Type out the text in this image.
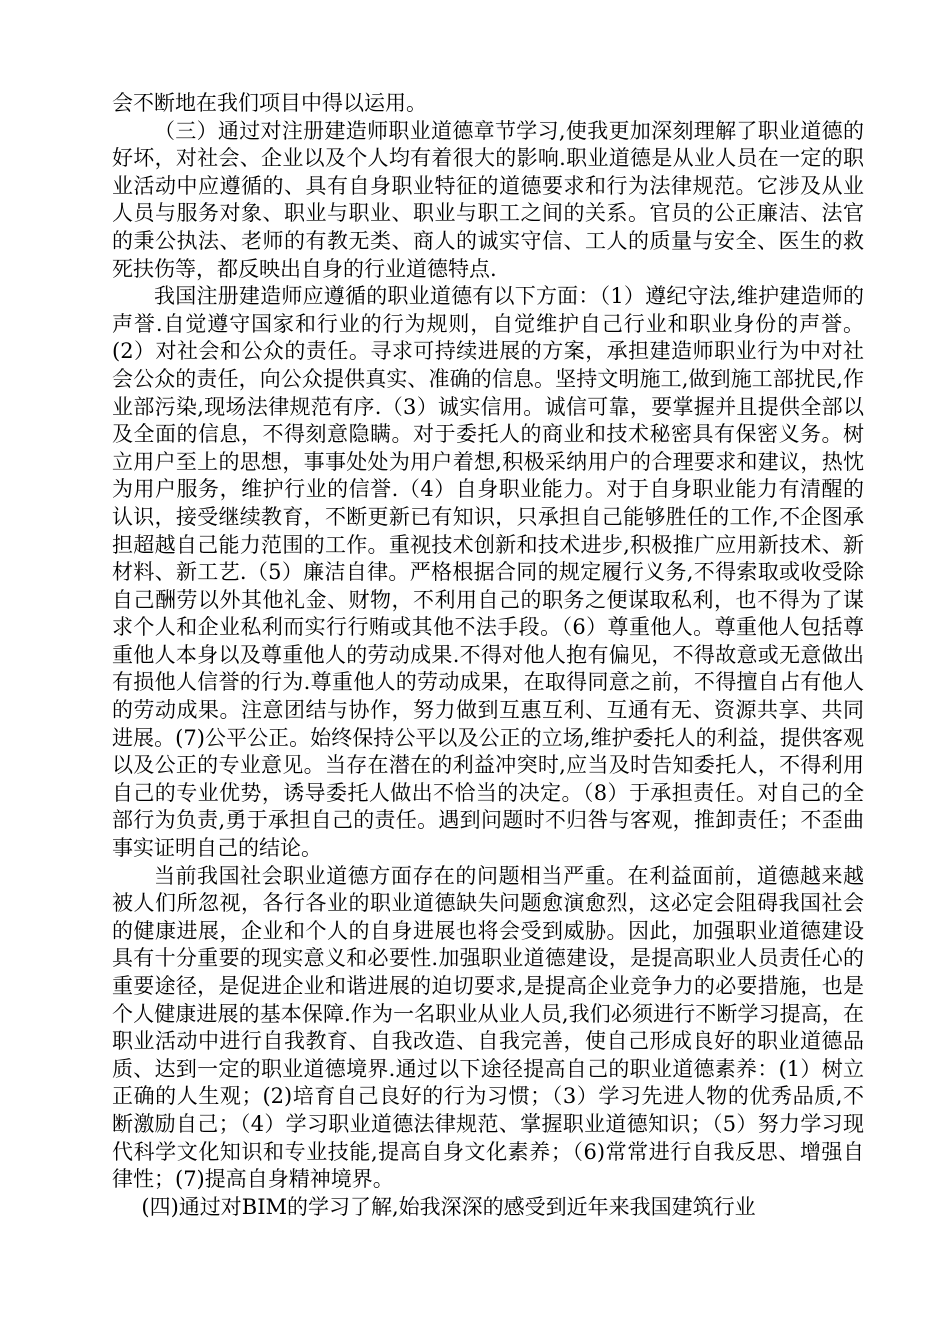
会不断地在我们项目中得以运用。

（三）通过对注册建造师职业道德章节学习,使我更加深刻理解了职业道德的好坏，对社会、企业以及个人均有着很大的影响.职业道德是从业人员在一定的职业活动中应遵循的、具有自身职业特征的道德要求和行为法律规范。它涉及从业人员与服务对象、职业与职业、职业与职工之间的关系。官员的公正廉洁、法官的秉公执法、老师的有教无类、商人的诚实守信、工人的质量与安全、医生的救死扶伤等，都反映出自身的行业道德特点.

我国注册建造师应遵循的职业道德有以下方面：（1）遵纪守法,维护建造师的声誉.自觉遵守国家和行业的行为规则，自觉维护自己行业和职业身份的声誉。(2）对社会和公众的责任。寻求可持续进展的方案，承担建造师职业行为中对社会公众的责任，向公众提供真实、准确的信息。坚持文明施工,做到施工部扰民,作业部污染,现场法律规范有序.（3）诚实信用。诚信可靠，要掌握并且提供全部以及全面的信息，不得刻意隐瞒。对于委托人的商业和技术秘密具有保密义务。树立用户至上的思想，事事处处为用户着想,积极采纳用户的合理要求和建议，热忱为用户服务，维护行业的信誉.（4）自身职业能力。对于自身职业能力有清醒的认识，接受继续教育，不断更新已有知识，只承担自己能够胜任的工作,不企图承担超越自己能力范围的工作。重视技术创新和技术进步,积极推广应用新技术、新材料、新工艺.（5）廉洁自律。严格根据合同的规定履行义务,不得索取或收受除自己酬劳以外其他礼金、财物，不利用自己的职务之便谋取私利，也不得为了谋求个人和企业私利而实行行贿或其他不法手段。（6）尊重他人。尊重他人包括尊重他人本身以及尊重他人的劳动成果.不得对他人抱有偏见，不得故意或无意做出有损他人信誉的行为.尊重他人的劳动成果，在取得同意之前，不得擅自占有他人的劳动成果。注意团结与协作，努力做到互惠互利、互通有无、资源共享、共同进展。(7)公平公正。始终保持公平以及公正的立场,维护委托人的利益，提供客观以及公正的专业意见。当存在潜在的利益冲突时,应当及时告知委托人，不得利用自己的专业优势，诱导委托人做出不恰当的决定。（8）于承担责任。对自己的全部行为负责,勇于承担自己的责任。遇到问题时不归咎与客观，推卸责任；不歪曲事实证明自己的结论。

当前我国社会职业道德方面存在的问题相当严重。在利益面前，道德越来越被人们所忽视，各行各业的职业道德缺失问题愈演愈烈，这必定会阻碍我国社会的健康进展，企业和个人的自身进展也将会受到威胁。因此，加强职业道德建设具有十分重要的现实意义和必要性.加强职业道德建设，是提高职业人员责任心的重要途径，是促进企业和谐进展的迫切要求,是提高企业竞争力的必要措施，也是个人健康进展的基本保障.作为一名职业从业人员,我们必须进行不断学习提高，在职业活动中进行自我教育、自我改造、自我完善，使自己形成良好的职业道德品质、达到一定的职业道德境界.通过以下途径提高自己的职业道德素养：(1）树立正确的人生观；(2)培育自己良好的行为习惯；（3）学习先进人物的优秀品质,不断激励自己；（4）学习职业道德法律规范、掌握职业道德知识；（5）努力学习现代科学文化知识和专业技能,提高自身文化素养；（6)常常进行自我反思、增强自律性；(7)提高自身精神境界。

(四)通过对BIM的学习了解,始我深深的感受到近年来我国建筑行业
